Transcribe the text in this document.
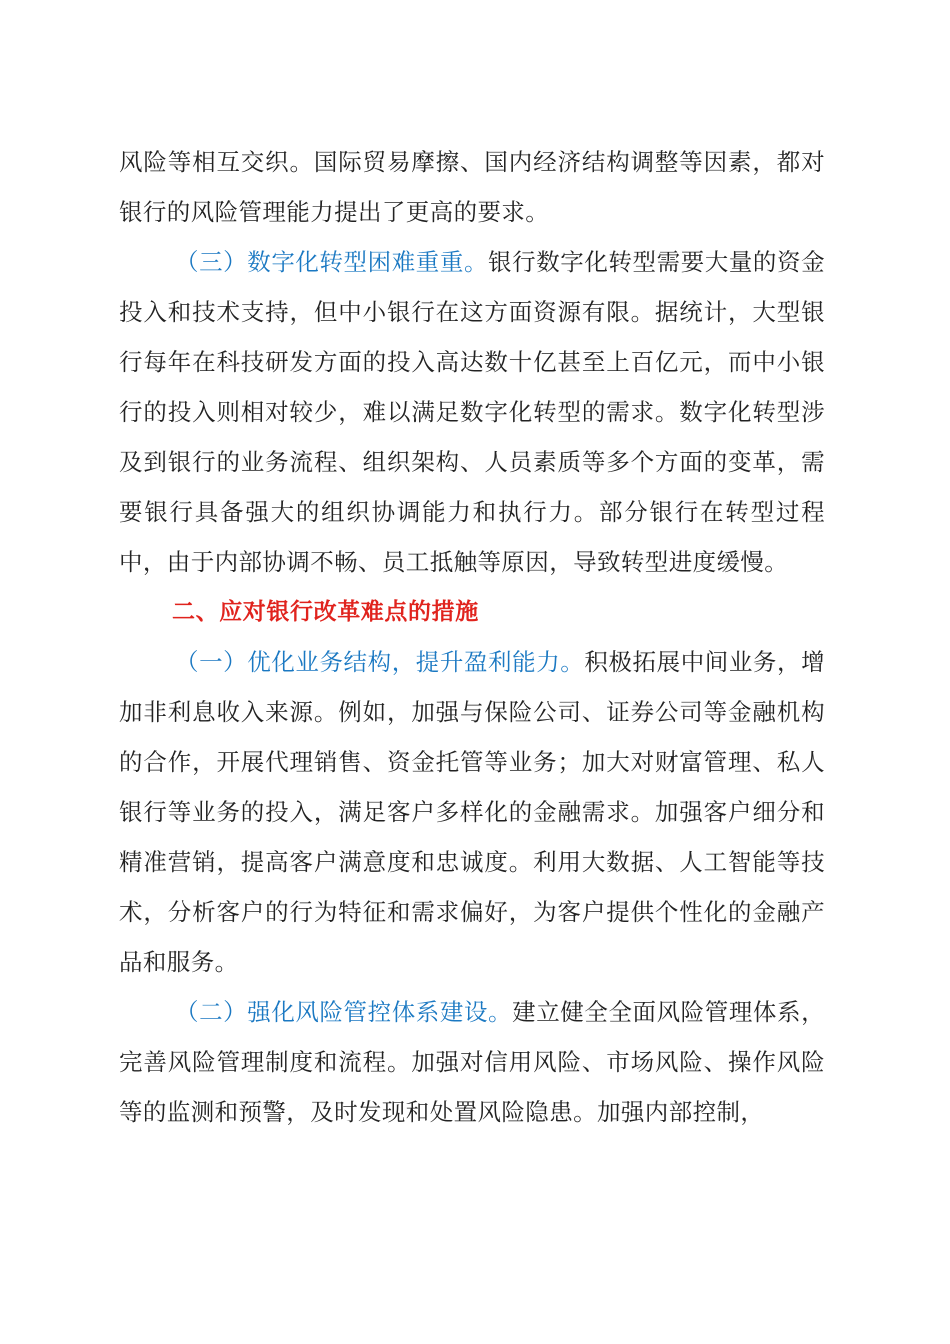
风险等相互交织。国际贸易摩擦、国内经济结构调整等因素，都对银行的风险管理能力提出了更高的要求。

（三）数字化转型困难重重。银行数字化转型需要大量的资金投入和技术支持，但中小银行在这方面资源有限。据统计，大型银行每年在科技研发方面的投入高达数十亿甚至上百亿元，而中小银行的投入则相对较少，难以满足数字化转型的需求。数字化转型涉及到银行的业务流程、组织架构、人员素质等多个方面的变革，需要银行具备强大的组织协调能力和执行力。部分银行在转型过程中，由于内部协调不畅、员工抵触等原因，导致转型进度缓慢。

二、应对银行改革难点的措施

（一）优化业务结构，提升盈利能力。积极拓展中间业务，增加非利息收入来源。例如，加强与保险公司、证券公司等金融机构的合作，开展代理销售、资金托管等业务；加大对财富管理、私人银行等业务的投入，满足客户多样化的金融需求。加强客户细分和精准营销，提高客户满意度和忠诚度。利用大数据、人工智能等技术，分析客户的行为特征和需求偏好，为客户提供个性化的金融产品和服务。

（二）强化风险管控体系建设。建立健全全面风险管理体系，完善风险管理制度和流程。加强对信用风险、市场风险、操作风险等的监测和预警，及时发现和处置风险隐患。加强内部控制，
